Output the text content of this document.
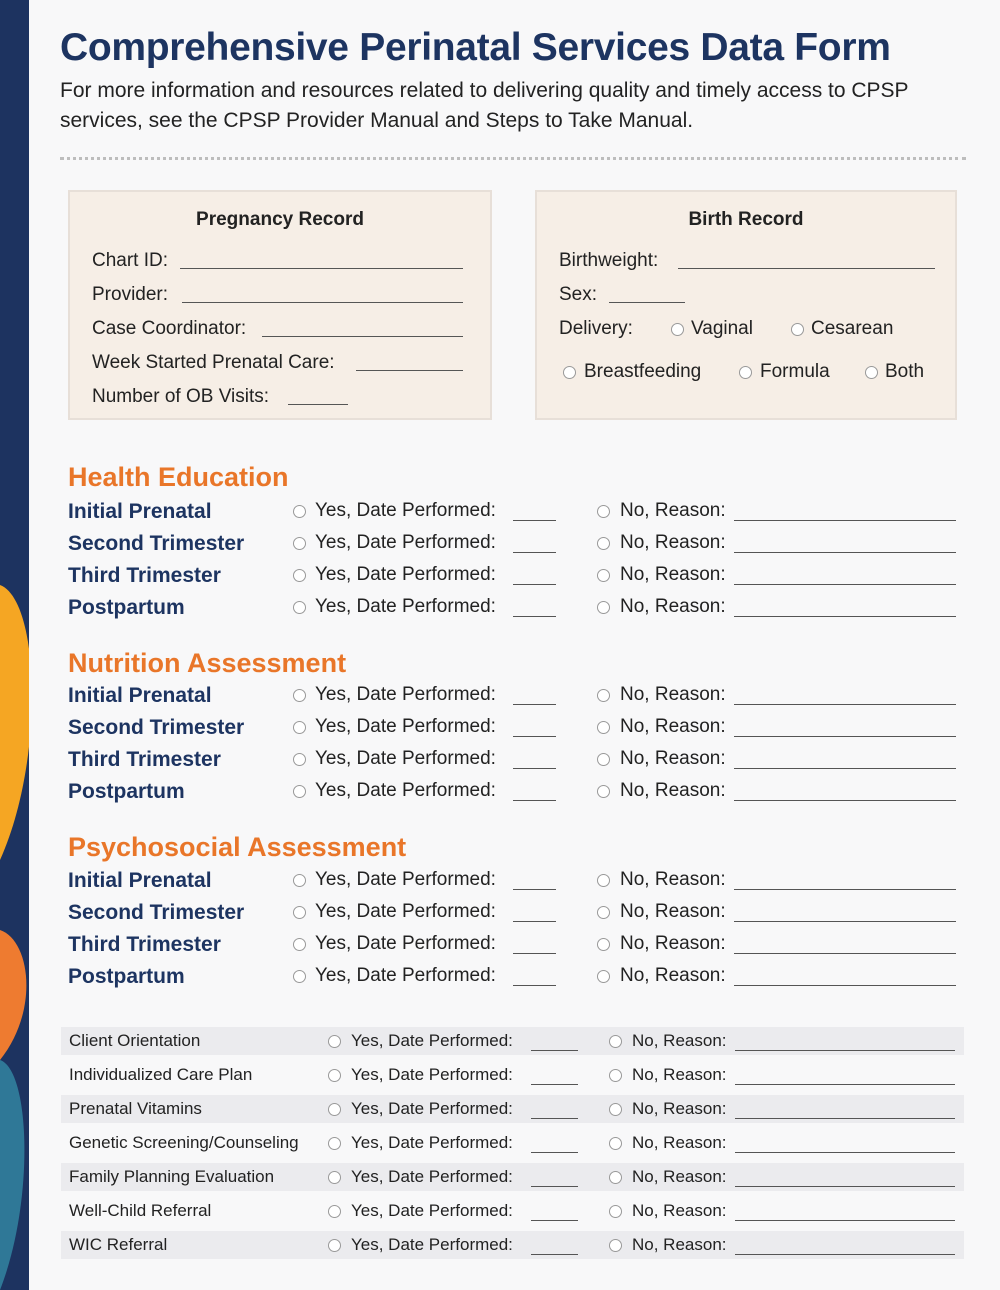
Comprehensive Perinatal Services Data Form

For more information and resources related to delivering quality and timely access to CPSP services, see the CPSP Provider Manual and Steps to Take Manual.

Pregnancy Record
Chart ID:
Provider:
Case Coordinator:
Week Started Prenatal Care:
Number of OB Visits:
Birth Record
Birthweight:
Sex:
Delivery:	Vaginal	Cesarean
Breastfeeding	Formula	Both
Health Education
Initial Prenatal	Yes, Date Performed:	No, Reason:
Second Trimester	Yes, Date Performed:	No, Reason:
Third Trimester	Yes, Date Performed:	No, Reason:
Postpartum	Yes, Date Performed:	No, Reason:
Nutrition Assessment
Initial Prenatal	Yes, Date Performed:	No, Reason:
Second Trimester	Yes, Date Performed:	No, Reason:
Third Trimester	Yes, Date Performed:	No, Reason:
Postpartum	Yes, Date Performed:	No, Reason:
Psychosocial Assessment
Initial Prenatal	Yes, Date Performed:	No, Reason:
Second Trimester	Yes, Date Performed:	No, Reason:
Third Trimester	Yes, Date Performed:	No, Reason:
Postpartum	Yes, Date Performed:	No, Reason:
Client Orientation	Yes, Date Performed:	No, Reason:
Individualized Care Plan	Yes, Date Performed:	No, Reason:
Prenatal Vitamins	Yes, Date Performed:	No, Reason:
Genetic Screening/Counseling	Yes, Date Performed:	No, Reason:
Family Planning Evaluation	Yes, Date Performed:	No, Reason:
Well-Child Referral	Yes, Date Performed:	No, Reason:
WIC Referral	Yes, Date Performed:	No, Reason:
